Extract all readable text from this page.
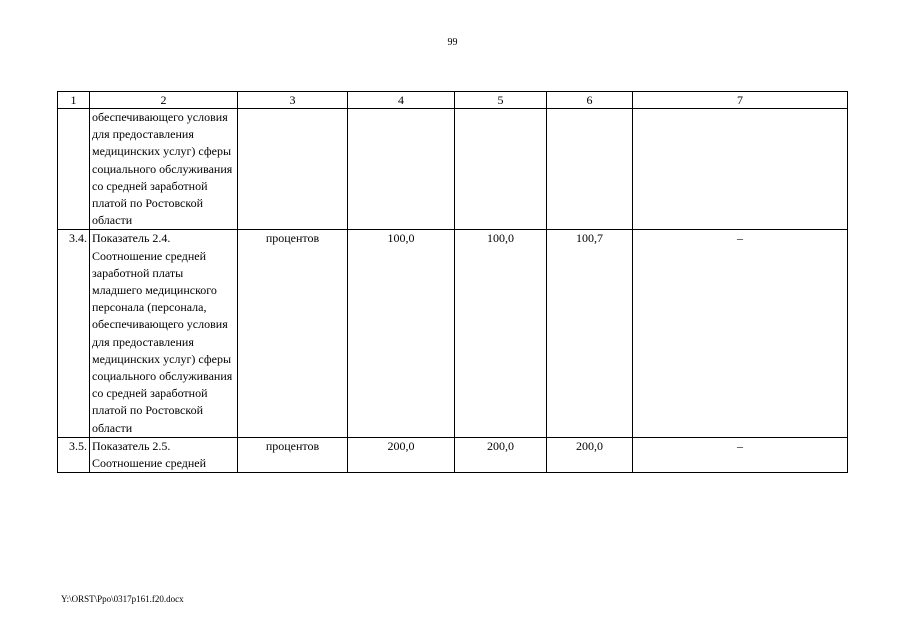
99
1	2	3	4	5	6	7
	обеспечивающего условия для предоставления медицинских услуг) сферы социального обслуживания со средней заработной платой по Ростовской области					
3.4.	Показатель 2.4. Соотношение средней заработной платы младшего медицинского персонала (персонала, обеспечивающего условия для предоставления медицинских услуг) сферы социального обслуживания со средней заработной платой по Ростовской области	процентов	100,0	100,0	100,7	–
3.5.	Показатель 2.5. Соотношение средней	процентов	200,0	200,0	200,0	–
Y:\ORST\Ppo\0317p161.f20.docx
